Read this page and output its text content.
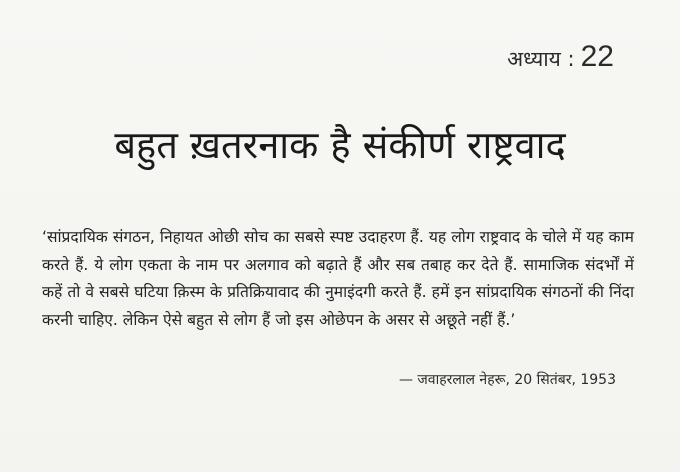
अध्याय : 22
बहुत ख़तरनाक है संकीर्ण राष्ट्रवाद
‘सांप्रदायिक संगठन, निहायत ओछी सोच का सबसे स्पष्ट उदाहरण हैं. यह लोग राष्ट्रवाद के चोले में यह काम करते हैं. ये लोग एकता के नाम पर अलगाव को बढ़ाते हैं और सब तबाह कर देते हैं. सामाजिक संदर्भों में कहें तो वे सबसे घटिया क़िस्म के प्रतिक्रियावाद की नुमाइंदगी करते हैं. हमें इन सांप्रदायिक संगठनों की निंदा करनी चाहिए. लेकिन ऐसे बहुत से लोग हैं जो इस ओछेपन के असर से अछूते नहीं हैं.’
— जवाहरलाल नेहरू, 20 सितंबर, 1953
